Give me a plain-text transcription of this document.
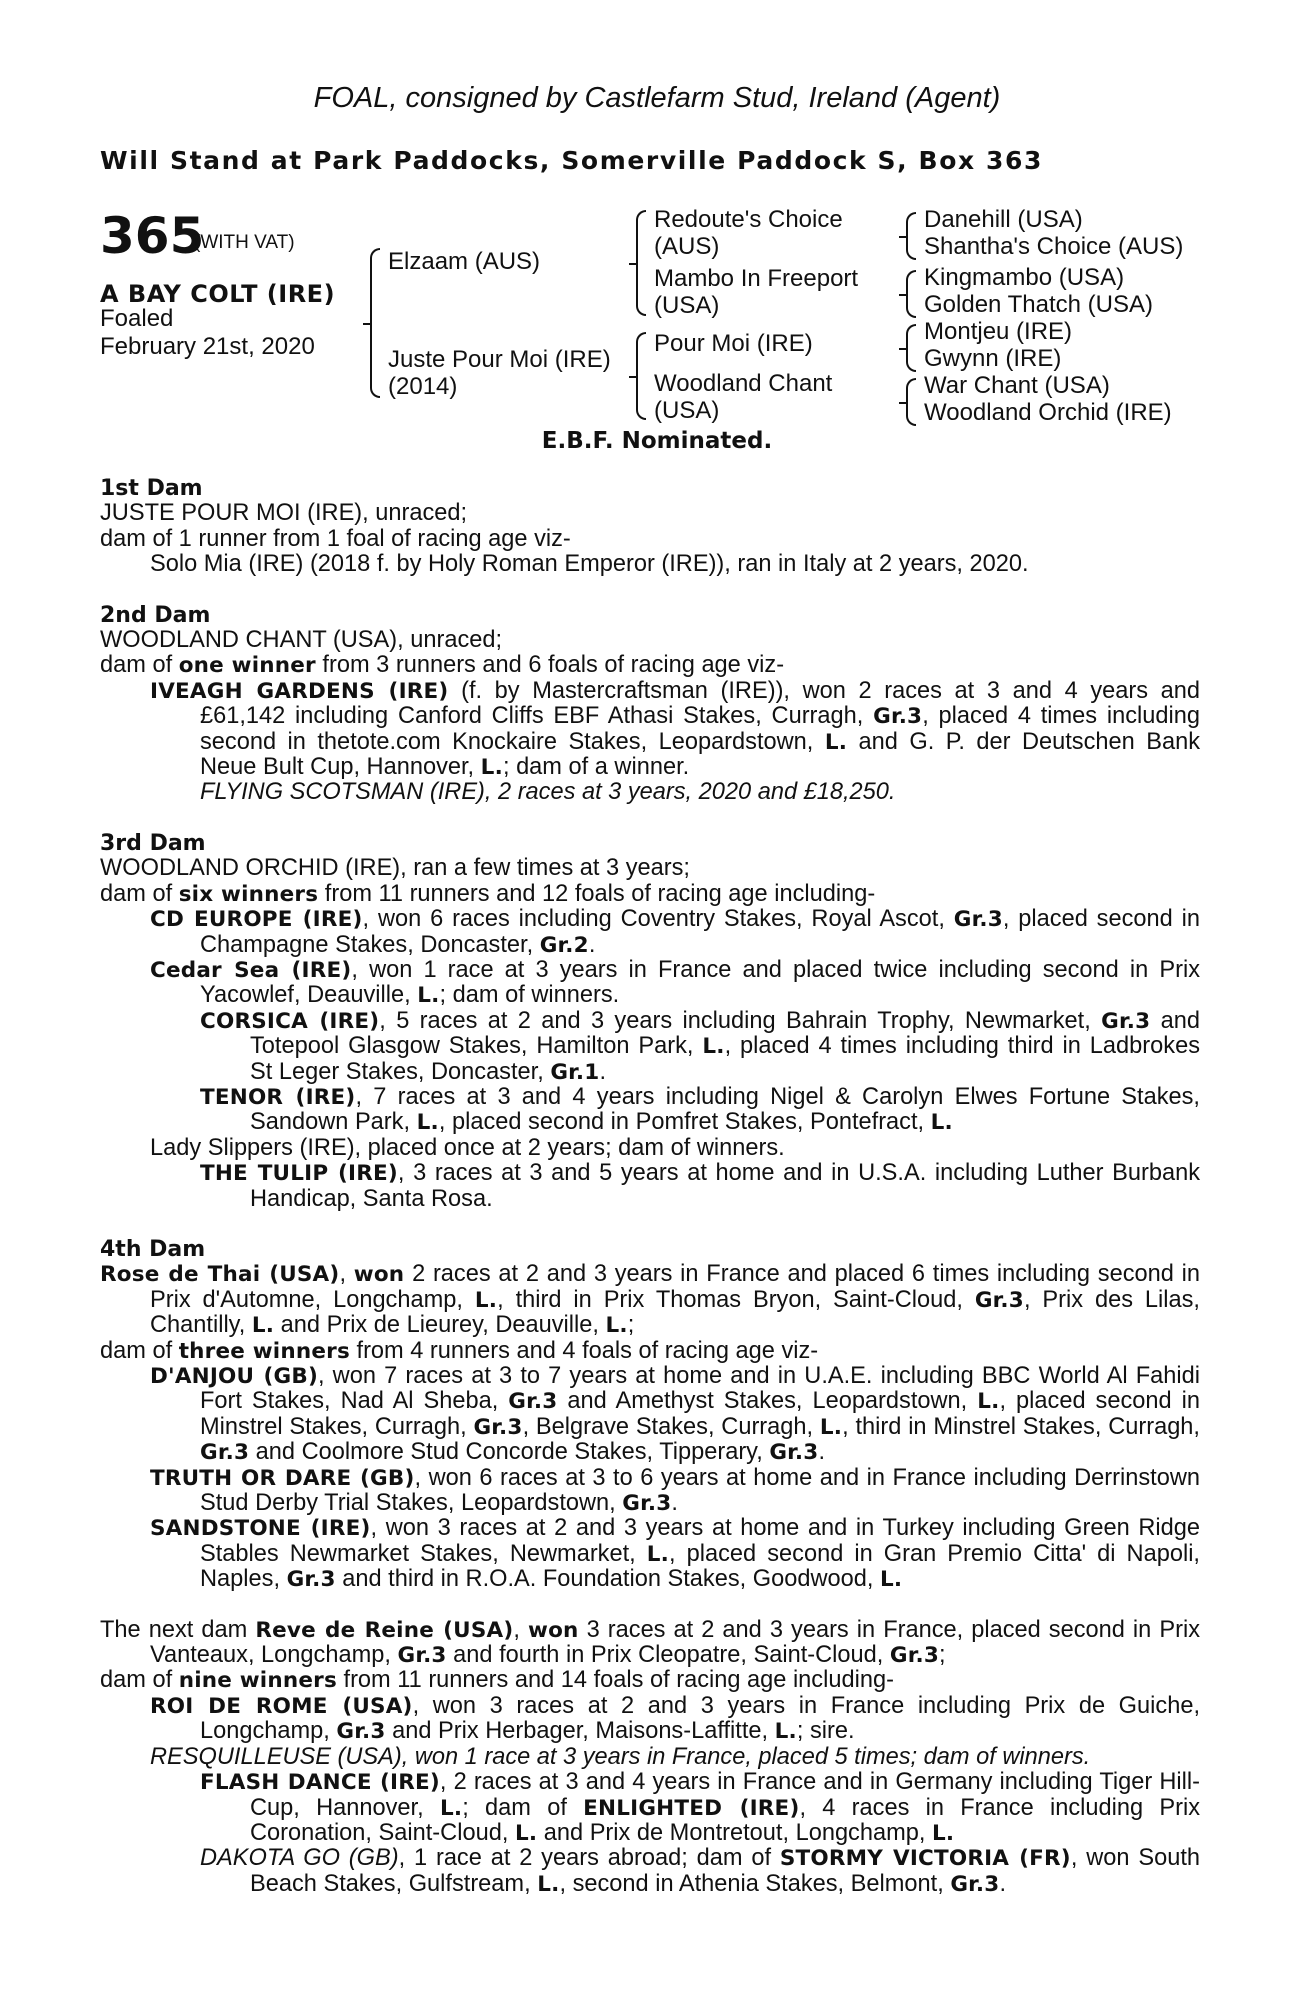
FOAL, consigned by Castlefarm Stud, Ireland (Agent)
Will Stand at Park Paddocks, Somerville Paddock S, Box 363
365
(WITH VAT)
A BAY COLT (IRE)
Foaled
February 21st, 2020
Elzaam (AUS)
Juste Pour Moi (IRE)
(2014)
Redoute's Choice
(AUS)
Mambo In Freeport
(USA)
Pour Moi (IRE)
Woodland Chant
(USA)
Danehill (USA)
Shantha's Choice (AUS)
Kingmambo (USA)
Golden Thatch (USA)
Montjeu (IRE)
Gwynn (IRE)
War Chant (USA)
Woodland Orchid (IRE)
E.B.F. Nominated.
1st Dam
JUSTE POUR MOI (IRE), unraced;
dam of 1 runner from 1 foal of racing age viz-
Solo Mia (IRE) (2018 f. by Holy Roman Emperor (IRE)), ran in Italy at 2 years, 2020.
2nd Dam
WOODLAND CHANT (USA), unraced;
dam of one winner from 3 runners and 6 foals of racing age viz-
IVEAGH GARDENS (IRE) (f. by Mastercraftsman (IRE)), won 2 races at 3 and 4 years and £61,142 including Canford Cliffs EBF Athasi Stakes, Curragh, Gr.3, placed 4 times including second in thetote.com Knockaire Stakes, Leopardstown, L. and G. P. der Deutschen Bank Neue Bult Cup, Hannover, L.; dam of a winner.
FLYING SCOTSMAN (IRE), 2 races at 3 years, 2020 and £18,250.
3rd Dam
WOODLAND ORCHID (IRE), ran a few times at 3 years;
dam of six winners from 11 runners and 12 foals of racing age including-
CD EUROPE (IRE), won 6 races including Coventry Stakes, Royal Ascot, Gr.3, placed second in Champagne Stakes, Doncaster, Gr.2.
Cedar Sea (IRE), won 1 race at 3 years in France and placed twice including second in Prix Yacowlef, Deauville, L.; dam of winners.
CORSICA (IRE), 5 races at 2 and 3 years including Bahrain Trophy, Newmarket, Gr.3 and Totepool Glasgow Stakes, Hamilton Park, L., placed 4 times including third in Ladbrokes St Leger Stakes, Doncaster, Gr.1.
TENOR (IRE), 7 races at 3 and 4 years including Nigel & Carolyn Elwes Fortune Stakes, Sandown Park, L., placed second in Pomfret Stakes, Pontefract, L.
Lady Slippers (IRE), placed once at 2 years; dam of winners.
THE TULIP (IRE), 3 races at 3 and 5 years at home and in U.S.A. including Luther Burbank Handicap, Santa Rosa.
4th Dam
Rose de Thai (USA), won 2 races at 2 and 3 years in France and placed 6 times including second in Prix d'Automne, Longchamp, L., third in Prix Thomas Bryon, Saint-Cloud, Gr.3, Prix des Lilas, Chantilly, L. and Prix de Lieurey, Deauville, L.;
dam of three winners from 4 runners and 4 foals of racing age viz-
D'ANJOU (GB), won 7 races at 3 to 7 years at home and in U.A.E. including BBC World Al Fahidi Fort Stakes, Nad Al Sheba, Gr.3 and Amethyst Stakes, Leopardstown, L., placed second in Minstrel Stakes, Curragh, Gr.3, Belgrave Stakes, Curragh, L., third in Minstrel Stakes, Curragh, Gr.3 and Coolmore Stud Concorde Stakes, Tipperary, Gr.3.
TRUTH OR DARE (GB), won 6 races at 3 to 6 years at home and in France including Derrinstown Stud Derby Trial Stakes, Leopardstown, Gr.3.
SANDSTONE (IRE), won 3 races at 2 and 3 years at home and in Turkey including Green Ridge Stables Newmarket Stakes, Newmarket, L., placed second in Gran Premio Citta' di Napoli, Naples, Gr.3 and third in R.O.A. Foundation Stakes, Goodwood, L.
The next dam Reve de Reine (USA), won 3 races at 2 and 3 years in France, placed second in Prix Vanteaux, Longchamp, Gr.3 and fourth in Prix Cleopatre, Saint-Cloud, Gr.3;
dam of nine winners from 11 runners and 14 foals of racing age including-
ROI DE ROME (USA), won 3 races at 2 and 3 years in France including Prix de Guiche, Longchamp, Gr.3 and Prix Herbager, Maisons-Laffitte, L.; sire.
RESQUILLEUSE (USA), won 1 race at 3 years in France, placed 5 times; dam of winners.
FLASH DANCE (IRE), 2 races at 3 and 4 years in France and in Germany including Tiger Hill-Cup, Hannover, L.; dam of ENLIGHTED (IRE), 4 races in France including Prix Coronation, Saint-Cloud, L. and Prix de Montretout, Longchamp, L.
DAKOTA GO (GB), 1 race at 2 years abroad; dam of STORMY VICTORIA (FR), won South Beach Stakes, Gulfstream, L., second in Athenia Stakes, Belmont, Gr.3.
